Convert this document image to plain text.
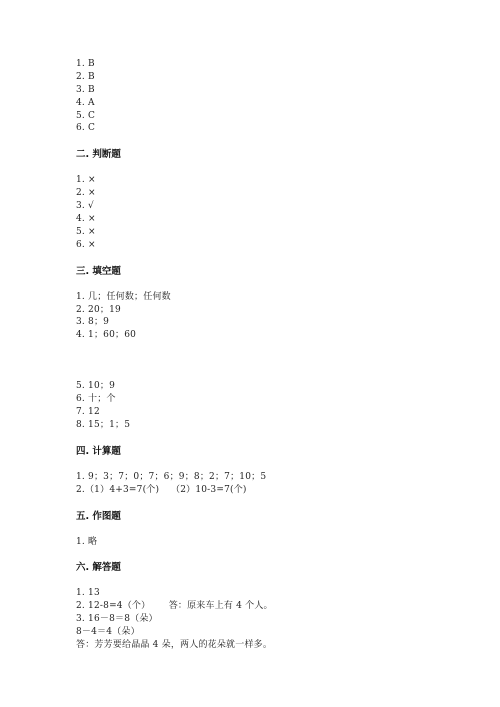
1. B
2. B
3. B
4. A
5. C
6. C
二. 判断题
1. ×
2. ×
3. √
4. ×
5. ×
6. ×
三. 填空题
1. 几；任何数；任何数
2. 20；19
3. 8；9
4. 1；60；60
5. 10；9
6. 十；个
7. 12
8. 15；1；5
四. 计算题
1. 9；3；7；0；7；6；9；8；2；7；10；5
2.（1）4+3=7(个)	（2）10-3=7(个)
五. 作图题
1. 略
六. 解答题
1. 13
2. 12-8=4（个）      答：原来车上有 4 个人。
3. 16－8＝8（朵）
8－4＝4（朵）
答：芳芳要给晶晶 4 朵，两人的花朵就一样多。
